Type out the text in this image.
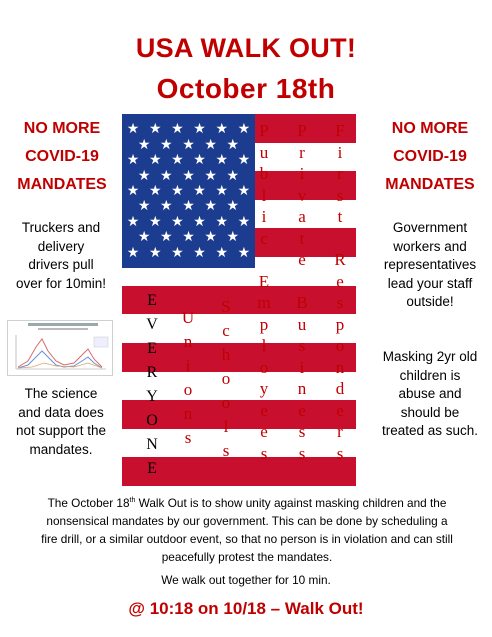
USA WALK OUT!
October 18th
NO MORE
COVID-19
MANDATES
Truckers and
delivery
drivers pull
over for 10min!
The science
and data does
not support the
mandates.
NO MORE
COVID-19
MANDATES
Government
workers and
representatives
lead your staff
outside!
Masking 2yr old
children is
abuse and
should be
treated as such.
★ ★ ★ ★ ★ ★
★ ★ ★ ★ ★
★ ★ ★ ★ ★ ★
★ ★ ★ ★ ★
★ ★ ★ ★ ★ ★
★ ★ ★ ★ ★
★ ★ ★ ★ ★ ★
★ ★ ★ ★ ★
★ ★ ★ ★ ★ ★
E
V
E
R
Y
O
N
E
U
n
i
o
n
s
S
c
h
o
o
l
s
P
u
b
l
i
c

E
m
p
l
o
y
e
e
s
P
r
i
v
a
t
e

B
u
s
i
n
e
s
s
F
i
r
s
t

R
e
s
p
o
n
d
e
r
s
The October 18th Walk Out is to show unity against masking children and the nonsensical mandates by our government. This can be done by scheduling a fire drill, or a similar outdoor event, so that no person is in violation and can still peacefully protest the mandates.
We walk out together for 10 min.
@ 10:18 on 10/18 – Walk Out!
